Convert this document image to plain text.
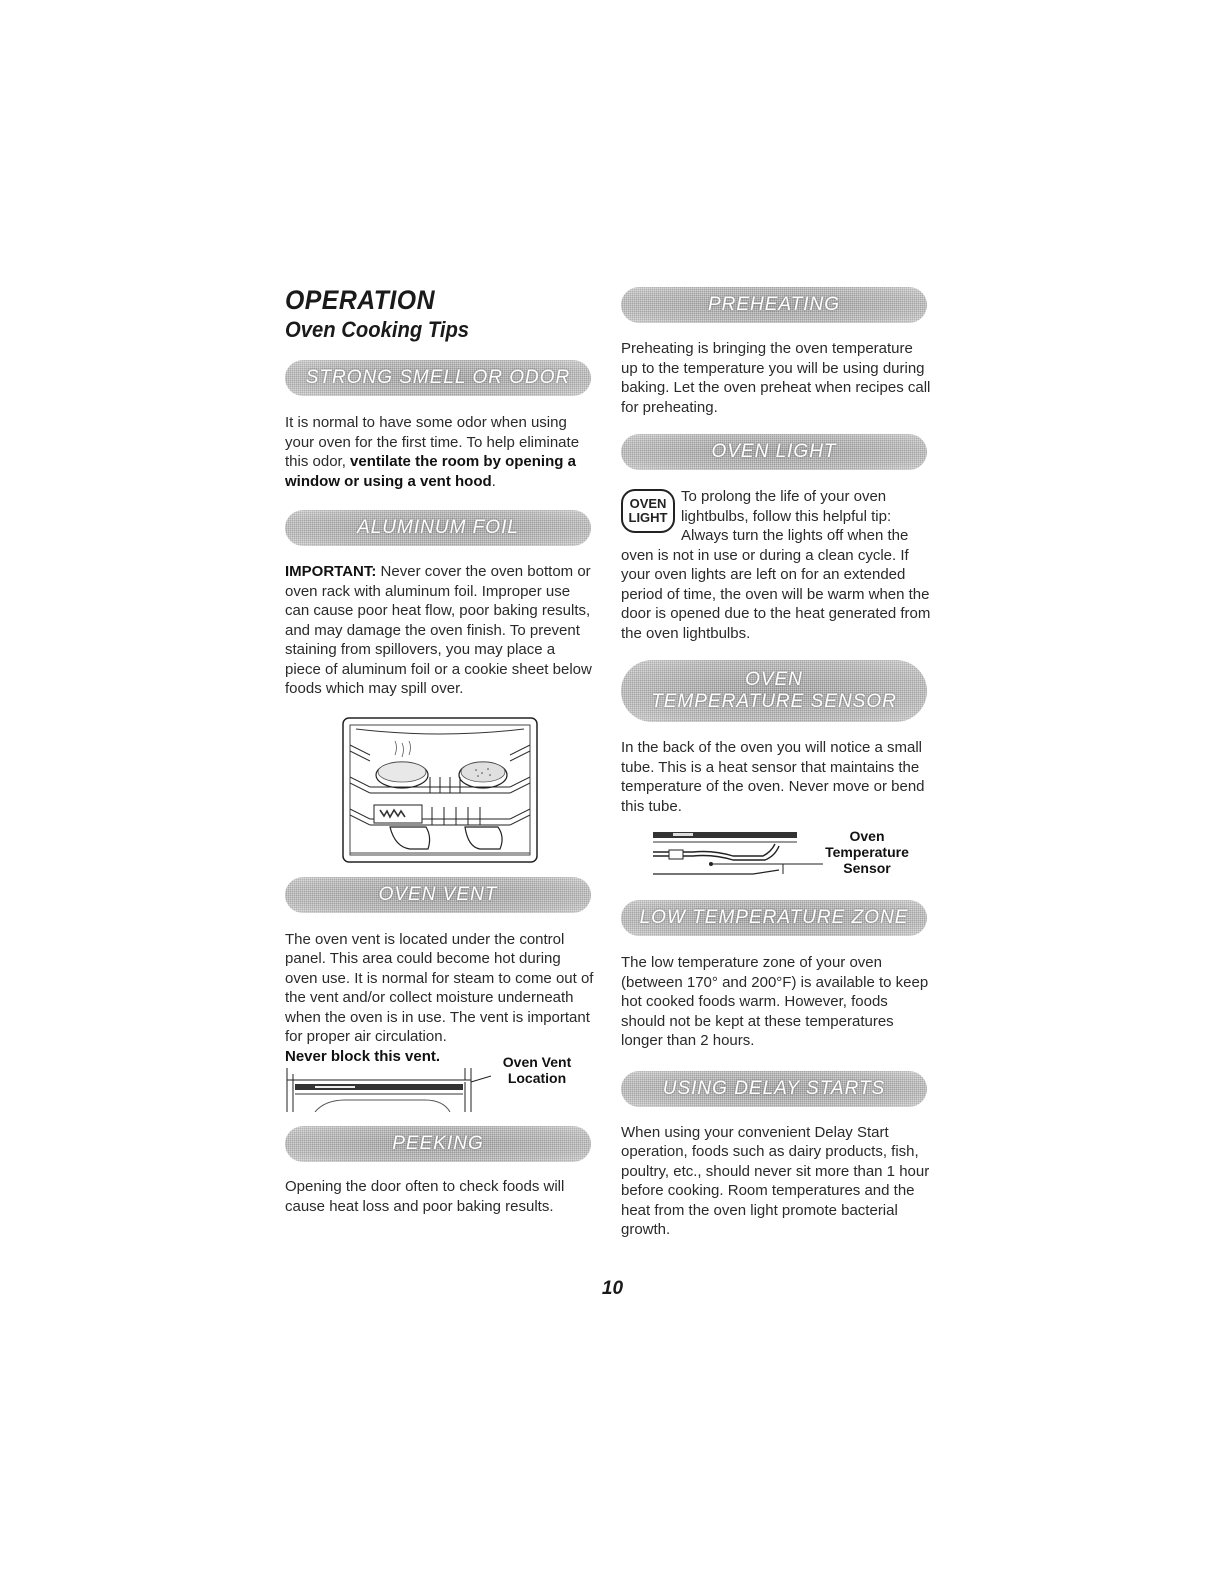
OPERATION
Oven Cooking Tips
STRONG SMELL OR ODOR

It is normal to have some odor when using your oven for the first time. To help eliminate this odor, ventilate the room by opening a window or using a vent hood.

ALUMINUM FOIL

IMPORTANT: Never cover the oven bottom or oven rack with aluminum foil. Improper use can cause poor heat flow, poor baking results, and may damage the oven finish. To prevent staining from spillovers, you may place a piece of aluminum foil or a cookie sheet below foods which may spill over.

OVEN VENT

The oven vent is located under the control panel. This area could become hot during oven use. It is normal for steam to come out of the vent and/or collect moisture underneath when the oven is in use. The vent is important for proper air circulation.

Never block this vent.	Oven Vent
Location
PEEKING

Opening the door often to check foods will cause heat loss and poor baking results.

PREHEATING

Preheating is bringing the oven temperature up to the temperature you will be using during baking. Let the oven preheat when recipes call for preheating.

OVEN LIGHT
OVEN
LIGHT

To prolong the life of your oven lightbulbs, follow this helpful tip: Always turn the lights off when the oven is not in use or during a clean cycle. If your oven lights are left on for an extended period of time, the oven will be warm when the door is opened due to the heat generated from the oven lightbulbs.

OVEN
TEMPERATURE SENSOR

In the back of the oven you will notice a small tube. This is a heat sensor that maintains the temperature of the oven. Never move or bend this tube.

Oven
Temperature
Sensor
LOW TEMPERATURE ZONE

The low temperature zone of your oven (between 170° and 200°F) is available to keep hot cooked foods warm. However, foods should not be kept at these temperatures longer than 2 hours.

USING DELAY STARTS

When using your convenient Delay Start operation, foods such as dairy products, fish, poultry, etc., should never sit more than 1 hour before cooking. Room temperatures and the heat from the oven light promote bacterial growth.

10
